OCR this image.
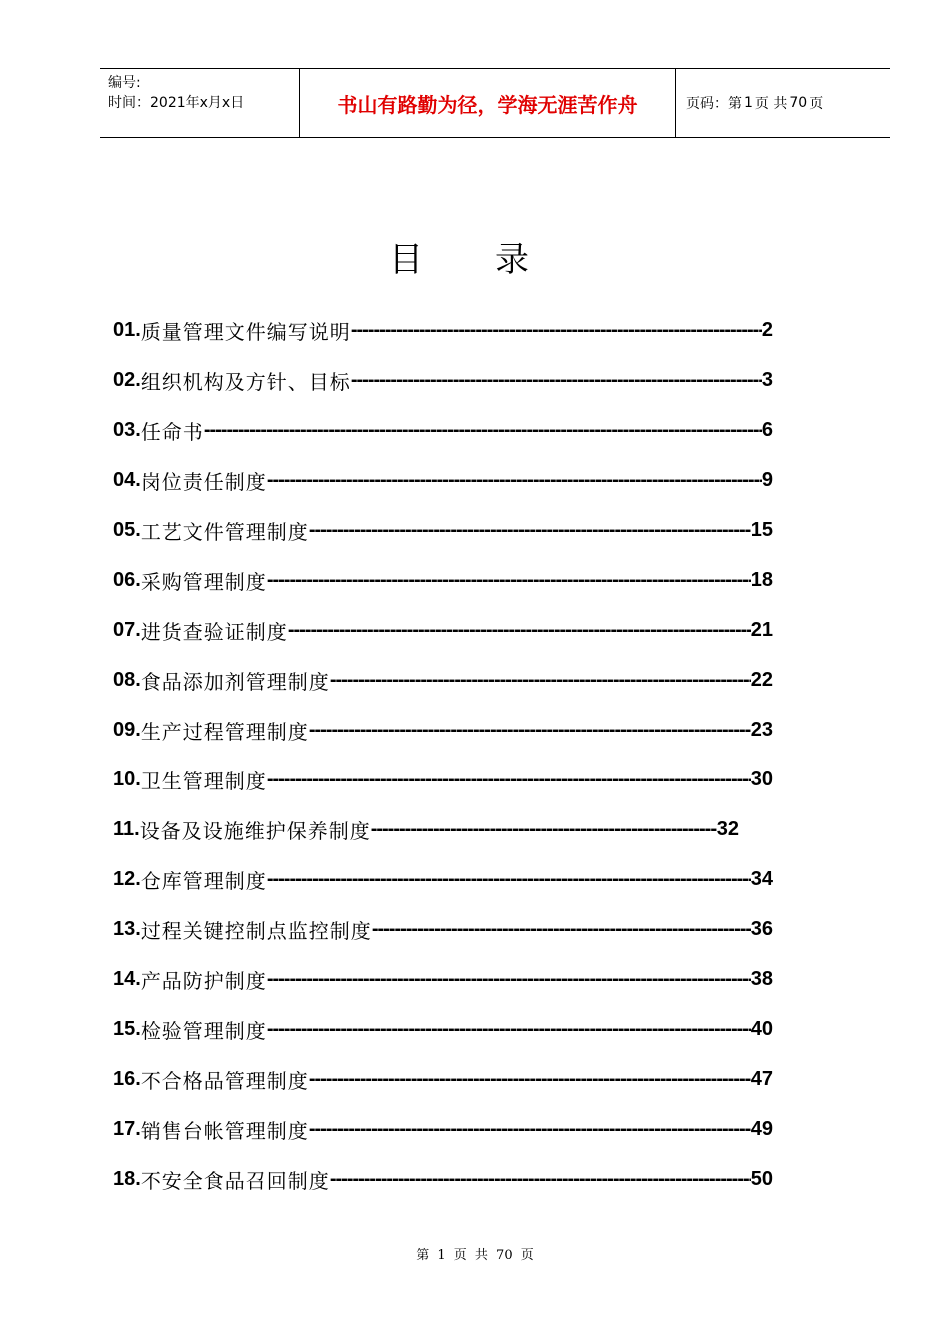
编号:
时间：2021年x月x日	书山有路勤为径，学海无涯苦作舟	页码：第 1 页 共 70 页
目录
01. 质量管理文件编写说明 -----	2
02. 组织机构及方针、目标 -----	3
03. 任命书 -----	6
04. 岗位责任制度 -----	9
05. 工艺文件管理制度 -----	15
06. 采购管理制度 -----	18
07. 进货查验证制度 -----	21
08. 食品添加剂管理制度 -----	22
09. 生产过程管理制度 -----	23
10. 卫生管理制度 -----	30
11. 设备及设施维护保养制度 -----	32
12. 仓库管理制度 -----	34
13. 过程关键控制点监控制度 -----	36
14. 产品防护制度 -----	38
15. 检验管理制度 -----	40
16. 不合格品管理制度 -----	47
17. 销售台帐管理制度 -----	49
18. 不安全食品召回制度 -----	50
第 1 页 共 70 页
